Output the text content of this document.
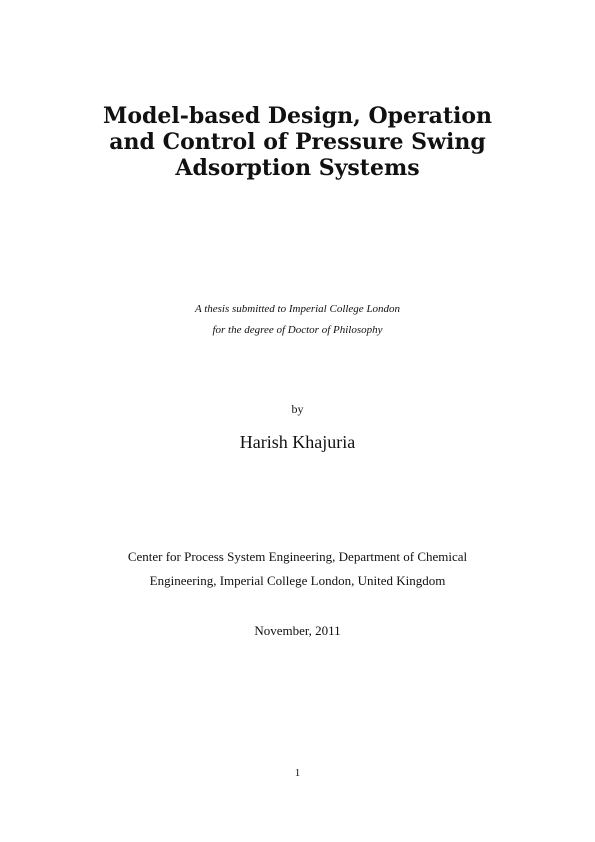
Model-based Design, Operation
and Control of Pressure Swing
Adsorption Systems
A thesis submitted to Imperial College London
for the degree of Doctor of Philosophy
by
Harish Khajuria
Center for Process System Engineering, Department of Chemical
Engineering, Imperial College London, United Kingdom
November, 2011
1
